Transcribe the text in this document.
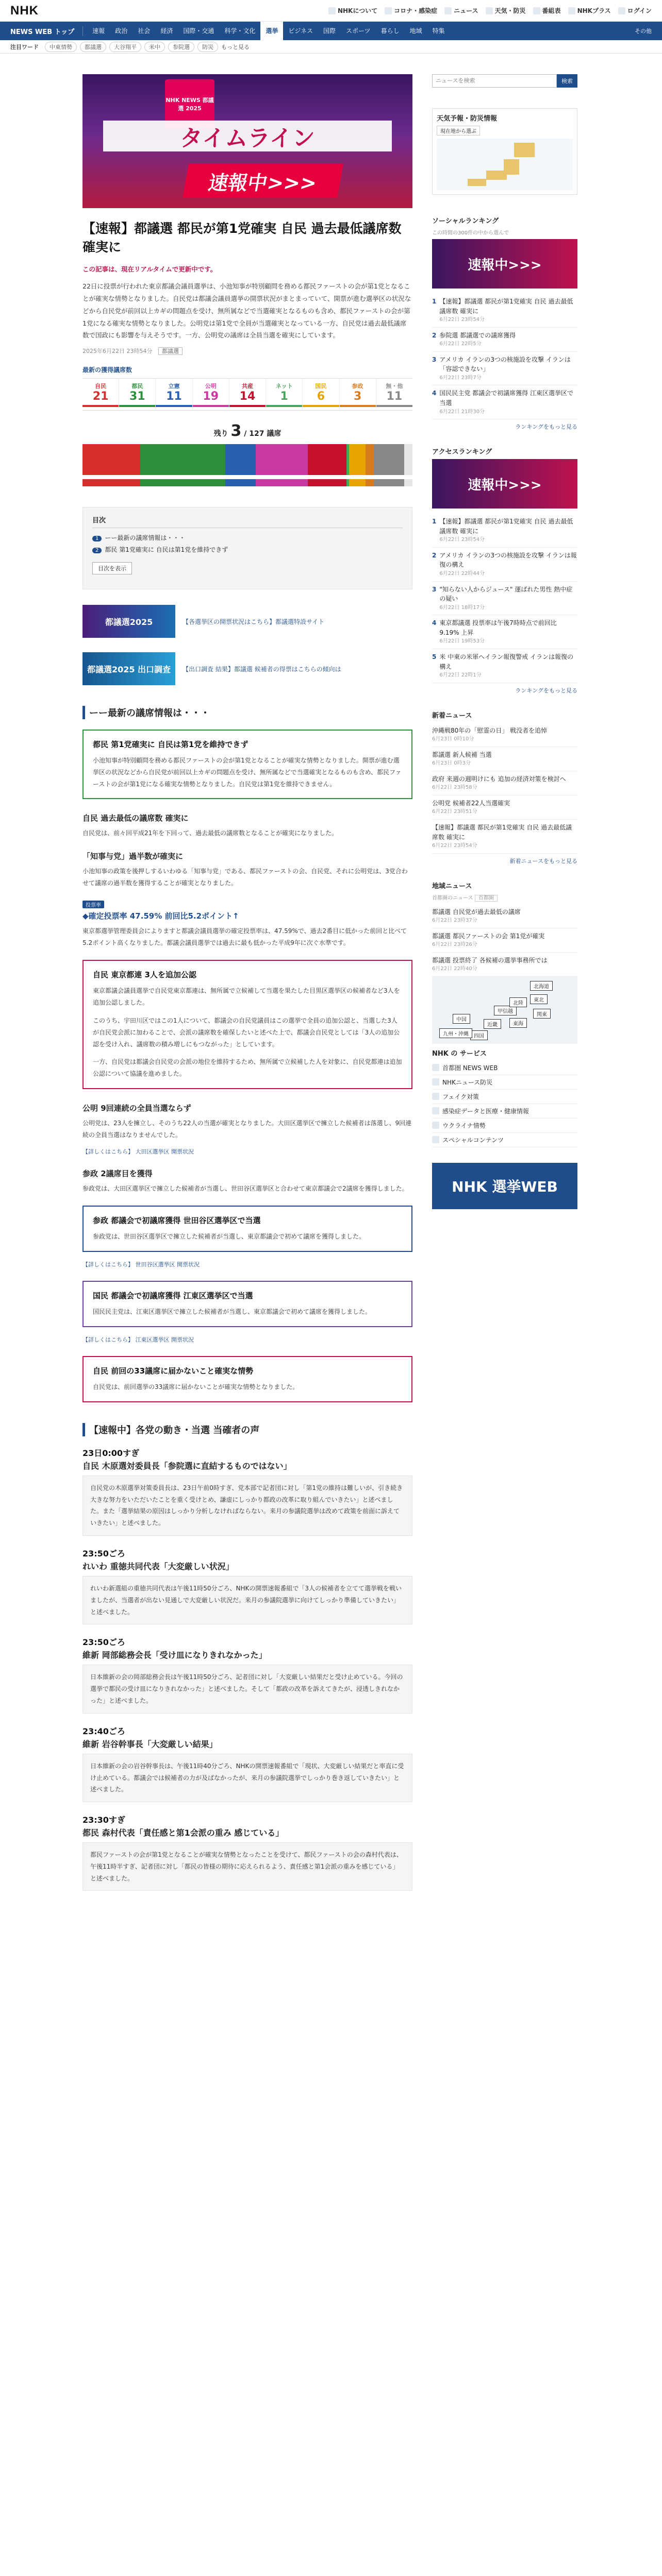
NHK	NHKについて	コロナ・感染症	ニュース	天気・防災	番組表	NHKプラス	ログイン
NEWS WEB トップ	速報	政治	社会	経済	国際・交通	科学・文化	選挙	ビジネス	国際	スポーツ	暮らし	地域	特集	その他
注目ワード	中東情勢	都議選	大谷翔平	米中	参院選	防災	もっと見る
NHK NEWS 都議選 2025
タイムライン
速報中>>>
【速報】都議選 都民が第1党確実 自民 過去最低議席数 確実に

この記事は、現在リアルタイムで更新中です。

22日に投票が行われた東京都議会議員選挙は、小池知事が特別顧問を務める都民ファーストの会が第1党となることが確実な情勢となりました。自民党は都議会議員選挙の開票状況がまとまっていて、開票が進む選挙区の状況などから自民党が前回以上カギの問題点を受け、無所属などで当選確実となるものも含め、都民ファーストの会が第1党になる確実な情勢となりました。公明党は第1党で全員が当選確実となっている一方、自民党は過去最低議席数で国政にも影響を与えそうです。一方、公明党の議席は全員当選を確実にしています。

2025年6月22日 23時54分 都議選
最新の獲得議席数
自民
21
都民
31
立憲
11
公明
19
共産
14
ネット
1
国民
6
参政
3
無・他
11
残り 3 / 127 議席
目次
1 ーー最新の議席情報は・・・
2 都民 第1党確実に 自民は第1党を維持できず
目次を表示
都議選2025	【各選挙区の開票状況はこちら】都議選特設サイト
都議選2025 出口調査	【出口調査 結果】都議選 候補者の得票はこちらの傾向は
ーー最新の議席情報は・・・
都民 第1党確実に 自民は第1党を維持できず
小池知事が特別顧問を務める都民ファーストの会が第1党となることが確実な情勢となりました。開票が進む選挙区の状況などから自民党が前回以上カギの問題点を受け、無所属などで当選確実となるものも含め、都民ファーストの会が第1党になる確実な情勢となりました。自民党は第1党を維持できません。
自民 過去最低の議席数 確実に
自民党は、前々回平成21年を下回って、過去最低の議席数となることが確実になりました。
「知事与党」過半数が確実に
小池知事の政策を後押しするいわゆる「知事与党」である、都民ファーストの会、自民党、それに公明党は、3党合わせて議席の過半数を獲得することが確実となりました。
投票率
◆確定投票率 47.59% 前回比5.2ポイント↑
東京都選挙管理委員会によりますと都議会議員選挙の確定投票率は、47.59%で、過去2番目に低かった前回と比べて5.2ポイント高くなりました。都議会議員選挙では過去に最も低かった平成9年に次ぐ水準です。
自民 東京都連 3人を追加公認
東京都議会議員選挙で自民党東京都連は、無所属で立候補して当選を果たした目黒区選挙区の候補者など3人を追加公認しました。
このうち、宇田川区ではこの1人について、都議会の自民党議員はこの選挙で全員の追加公認と、当選した3人が自民党会派に加わることで、会派の議席数を確保したいと述べた上で、都議会自民党としては「3人の追加公認を受け入れ、議席数の積み増しにもつながった」としています。
一方、自民党は都議会自民党の会派の地位を維持するため、無所属で立候補した人を対象に、自民党都連は追加公認について協議を進めました。
公明 9回連続の全員当選ならず
公明党は、23人を擁立し、そのうち22人の当選が確実となりました。大田区選挙区で擁立した候補者は落選し、9回連続の全員当選はなりませんでした。
【詳しくはこちら】 大田区選挙区 開票状況
参政 2議席目を獲得
参政党は、大田区選挙区で擁立した候補者が当選し、世田谷区選挙区と合わせて東京都議会で2議席を獲得しました。
参政 都議会で初議席獲得 世田谷区選挙区で当選
参政党は、世田谷区選挙区で擁立した候補者が当選し、東京都議会で初めて議席を獲得しました。
【詳しくはこちら】 世田谷区選挙区 開票状況
国民 都議会で初議席獲得 江東区選挙区で当選
国民民主党は、江東区選挙区で擁立した候補者が当選し、東京都議会で初めて議席を獲得しました。
【詳しくはこちら】 江東区選挙区 開票状況
自民 前回の33議席に届かないこと確実な情勢
自民党は、前回選挙の33議席に届かないことが確実な情勢となりました。
【速報中】各党の動き・当選 当確者の声
23日0:00すぎ
自民 木原選対委員長「参院選に直結するものではない」
自民党の木原選挙対策委員長は、23日午前0時すぎ、党本部で記者団に対し「第1党の維持は難しいが、引き続き大きな努力をいただいたことを重く受けとめ、謙虚にしっかり都政の改革に取り組んでいきたい」と述べました。また「選挙結果の原因はしっかり分析しなければならない。来月の参議院選挙は改めて政策を前面に訴えていきたい」と述べました。
23:50ごろ
れいわ 重徳共同代表「大変厳しい状況」
れいわ新選組の重徳共同代表は午後11時50分ごろ、NHKの開票速報番組で「3人の候補者を立てて選挙戦を戦いましたが、当選者が出ない見通しで大変厳しい状況だ。来月の参議院選挙に向けてしっかり準備していきたい」と述べました。
23:50ごろ
維新 岡部総務会長「受け皿になりきれなかった」
日本維新の会の岡部総務会長は午後11時50分ごろ、記者団に対し「大変厳しい結果だと受け止めている。今回の選挙で都民の受け皿になりきれなかった」と述べました。そして「都政の改革を訴えてきたが、浸透しきれなかった」と述べました。
23:40ごろ
維新 岩谷幹事長「大変厳しい結果」
日本維新の会の岩谷幹事長は、午後11時40分ごろ、NHKの開票速報番組で「現状、大変厳しい結果だと率直に受け止めている。都議会では候補者の力が及ばなかったが、来月の参議院選挙でしっかり巻き返していきたい」と述べました。
23:30すぎ
都民 森村代表「責任感と第1会派の重み 感じている」
都民ファーストの会が第1党となることが確実な情勢となったことを受けて、都民ファーストの会の森村代表は、午後11時半すぎ、記者団に対し「都民の皆様の期待に応えられるよう、責任感と第1会派の重みを感じている」と述べました。
ニュースを検索
検索
天気予報・防災情報
現在地から選ぶ
ソーシャルランキング
この時間の300件の中から選んで
速報中>>>
1 【速報】都議選 都民が第1党確実 自民 過去最低議席数 確実に
6月22日 23時54分
2 参院選 都議選での議席獲得
6月22日 22時5分
3 アメリカ イランの3つの核施設を攻撃 イランは「容認できない」
6月22日 23時7分
4 国民民主党 都議会で初議席獲得 江東区選挙区で当選
6月22日 21時30分
ランキングをもっと見る
アクセスランキング
速報中>>>
1 【速報】都議選 都民が第1党確実 自民 過去最低議席数 確実に
6月22日 23時54分
2 アメリカ イランの3つの核施設を攻撃 イランは報復の構え
6月22日 22時44分
3 "知らない人からジュース" 運ばれた男性 熱中症の疑い
6月22日 18時17分
4 東京都議選 投票率は午後7時時点で前回比 9.19% 上昇
6月22日 19時53分
5 米 中東の米軍へイラン報復警戒 イランは報復の構え
6月22日 22時1分
ランキングをもっと見る
新着ニュース
沖縄戦80年の「慰霊の日」 戦没者を追悼
6月23日 0時10分
都議選 新人候補 当選
6月23日 0時3分
政府 来週の週明けにも 追加の経済対策を検討へ
6月22日 23時58分
公明党 候補者22人当選確実
6月22日 23時51分
【速報】都議選 都民が第1党確実 自民 過去最低議席数 確実に
6月22日 23時54分
新着ニュースをもっと見る
地域ニュース
首都圏のニュース 首都圏
都議選 自民党が過去最低の議席
6月22日 23時37分
都議選 都民ファーストの会 第1党が確実
6月22日 23時26分
都議選 投票終了 各候補の選挙事務所では
6月22日 22時40分
北海道
東北
関東
甲信越
北陸
東海
近畿
中国
四国
九州・沖縄
NHK の サービス
首都圏 NEWS WEB
NHKニュース防災
フェイク対策
感染症データと医療・健康情報
ウクライナ情勢
スペシャルコンテンツ
NHK 選挙WEB
